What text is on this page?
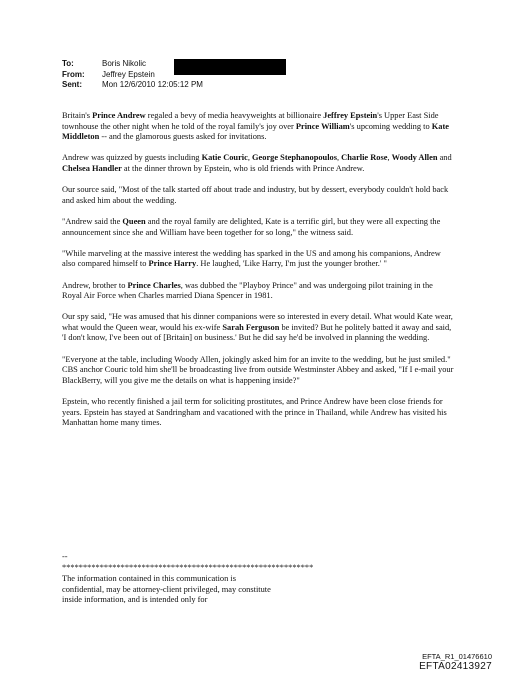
To:	Boris Nikolic
From:	Jeffrey Epstein
Sent:	Mon 12/6/2010 12:05:12 PM

Britain's Prince Andrew regaled a bevy of media heavyweights at billionaire Jeffrey Epstein's Upper East Side townhouse the other night when he told of the royal family's joy over Prince William's upcoming wedding to Kate Middleton -- and the glamorous guests asked for invitations.

Andrew was quizzed by guests including Katie Couric, George Stephanopoulos, Charlie Rose, Woody Allen and Chelsea Handler at the dinner thrown by Epstein, who is old friends with Prince Andrew.

Our source said, "Most of the talk started off about trade and industry, but by dessert, everybody couldn't hold back and asked him about the wedding.

"Andrew said the Queen and the royal family are delighted, Kate is a terrific girl, but they were all expecting the announcement since she and William have been together for so long," the witness said.

"While marveling at the massive interest the wedding has sparked in the US and among his companions, Andrew also compared himself to Prince Harry. He laughed, 'Like Harry, I'm just the younger brother.' "

Andrew, brother to Prince Charles, was dubbed the "Playboy Prince" and was undergoing pilot training in the Royal Air Force when Charles married Diana Spencer in 1981.

Our spy said, "He was amused that his dinner companions were so interested in every detail. What would Kate wear, what would the Queen wear, would his ex-wife Sarah Ferguson be invited? But he politely batted it away and said, 'I don't know, I've been out of [Britain] on business.' But he did say he'd be involved in planning the wedding.

"Everyone at the table, including Woody Allen, jokingly asked him for an invite to the wedding, but he just smiled." CBS anchor Couric told him she'll be broadcasting live from outside Westminster Abbey and asked, "If I e-mail your BlackBerry, will you give me the details on what is happening inside?"

Epstein, who recently finished a jail term for soliciting prostitutes, and Prince Andrew have been close friends for years. Epstein has stayed at Sandringham and vacationed with the prince in Thailand, while Andrew has visited his Manhattan home many times.

--
************************************************************
The information contained in this communication is confidential, may be attorney-client privileged, may constitute inside information, and is intended only for
EFTA_R1_01476610
EFTA02413927
